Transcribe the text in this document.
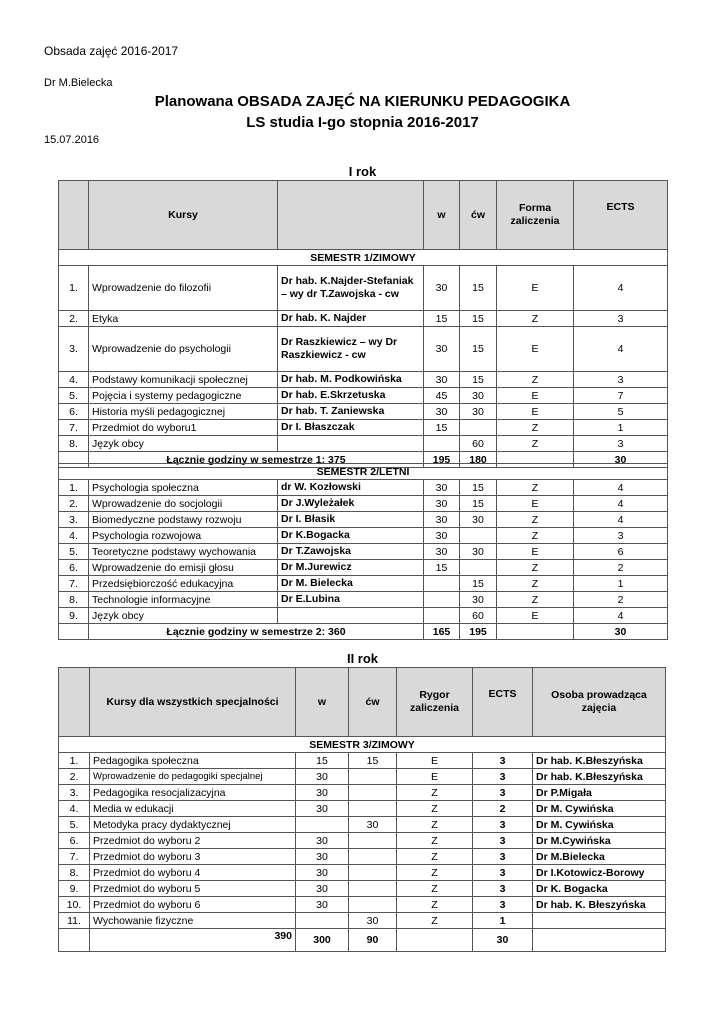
Obsada zajęć 2016-2017
Dr M.Bielecka
Planowana OBSADA ZAJĘĆ NA KIERUNKU PEDAGOGIKA
LS studia I-go stopnia 2016-2017
15.07.2016
I rok
	Kursy		w	ćw	Forma zaliczenia	ECTS
SEMESTR 1/ZIMOWY						
1.	Wprowadzenie do filozofii	Dr hab. K.Najder-Stefaniak – wy dr T.Zawojska - cw	30	15	E	4
2.	Etyka	Dr hab. K. Najder	15	15	Z	3
3.	Wprowadzenie do psychologii	Dr Raszkiewicz – wy Dr Raszkiewicz - cw	30	15	E	4
4.	Podstawy komunikacji społecznej	Dr hab. M. Podkowińska	30	15	Z	3
5.	Pojęcia i systemy pedagogiczne	Dr hab. E.Skrzetuska	45	30	E	7
6.	Historia myśli pedagogicznej	Dr hab. T. Zaniewska	30	30	E	5
7.	Przedmiot do wyboru1	Dr I. Błaszczak	15		Z	1
8.	Język obcy			60	Z	3
	Łącznie godziny w semestrze 1: 375		195	180		30
SEMESTR 2/LETNI						
1.	Psychologia społeczna	dr W. Kozłowski	30	15	Z	4
2.	Wprowadzenie do socjologii	Dr J.Wyleżałek	30	15	E	4
3.	Biomedyczne podstawy rozwoju	Dr I. Błasik	30	30	Z	4
4.	Psychologia rozwojowa	Dr K.Bogacka	30		Z	3
5.	Teoretyczne podstawy wychowania	Dr T.Zawojska	30	30	E	6
6.	Wprowadzenie do emisji głosu	Dr M.Jurewicz	15		Z	2
7.	Przedsiębiorczość edukacyjna	Dr M. Bielecka		15	Z	1
8.	Technologie informacyjne	Dr E.Lubina		30	Z	2
9.	Język obcy			60	E	4
	Łącznie godziny w semestrze 2: 360		165	195		30
II rok
	Kursy dla wszystkich specjalności	w	ćw	Rygor zaliczenia	ECTS	Osoba prowadząca zajęcia
SEMESTR 3/ZIMOWY						
1.	Pedagogika społeczna	15	15	E	3	Dr hab. K.Błeszyńska
2.	Wprowadzenie do pedagogiki specjalnej	30		E	3	Dr hab. K.Błeszyńska
3.	Pedagogika resocjalizacyjna	30		Z	3	Dr P.Migała
4.	Media w edukacji	30		Z	2	Dr M. Cywińska
5.	Metodyka pracy dydaktycznej		30	Z	3	Dr M. Cywińska
6.	Przedmiot do wyboru 2	30		Z	3	Dr M.Cywińska
7.	Przedmiot do wyboru 3	30		Z	3	Dr M.Bielecka
8.	Przedmiot do wyboru 4	30		Z	3	Dr I.Kotowicz-Borowy
9.	Przedmiot do wyboru 5	30		Z	3	Dr K. Bogacka
10.	Przedmiot do wyboru 6	30		Z	3	Dr hab. K. Błeszyńska
11.	Wychowanie fizyczne		30	Z	1	
	390	300	90		30	
